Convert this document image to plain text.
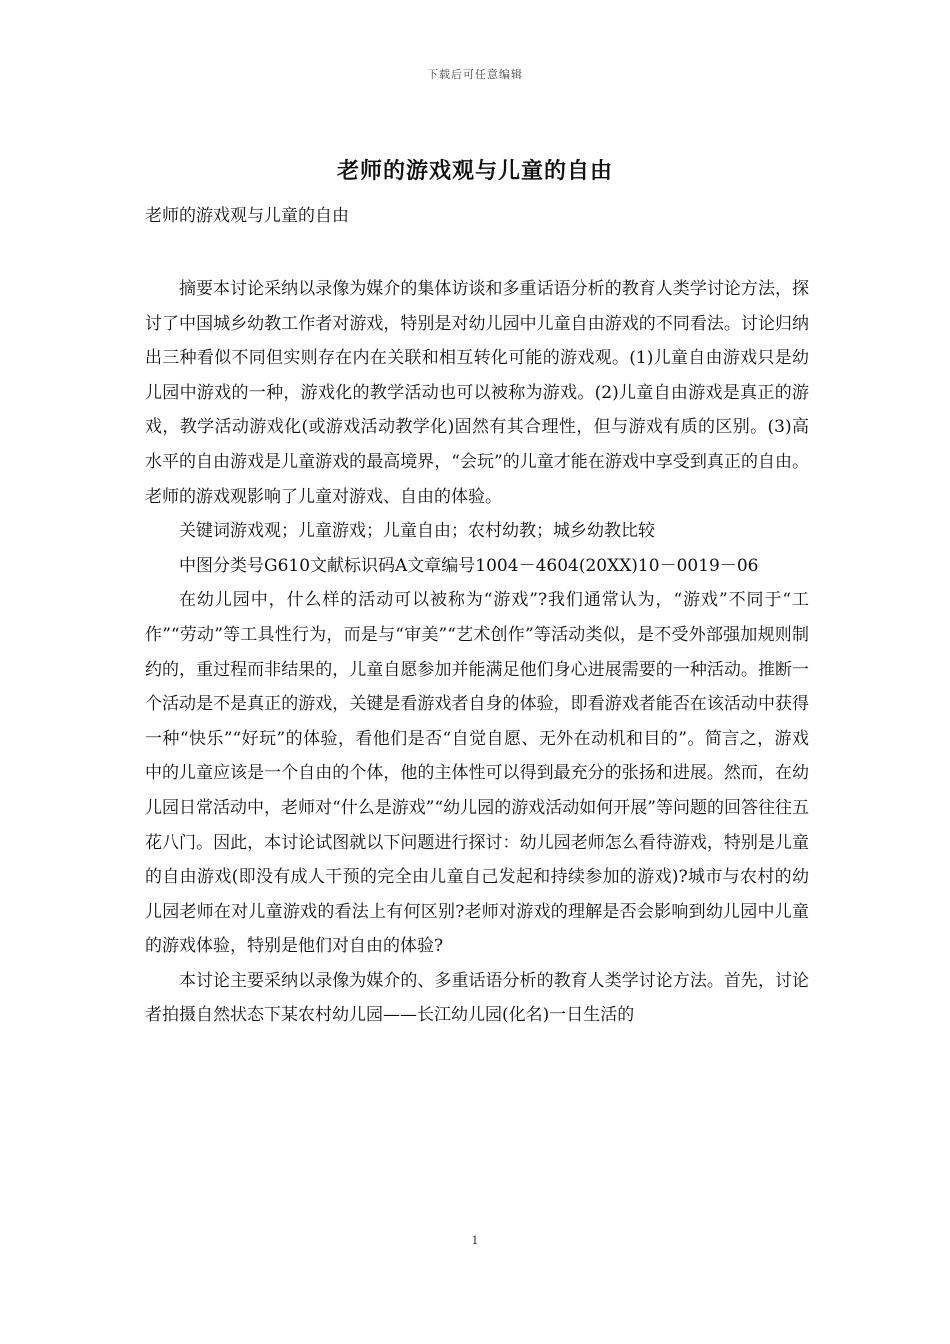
下载后可任意编辑
老师的游戏观与儿童的自由
老师的游戏观与儿童的自由

摘要本讨论采纳以录像为媒介的集体访谈和多重话语分析的教育人类学讨论方法，探讨了中国城乡幼教工作者对游戏，特别是对幼儿园中儿童自由游戏的不同看法。讨论归纳出三种看似不同但实则存在内在关联和相互转化可能的游戏观。(1)儿童自由游戏只是幼儿园中游戏的一种，游戏化的教学活动也可以被称为游戏。(2)儿童自由游戏是真正的游戏，教学活动游戏化(或游戏活动教学化)固然有其合理性，但与游戏有质的区别。(3)高水平的自由游戏是儿童游戏的最高境界，“会玩”的儿童才能在游戏中享受到真正的自由。老师的游戏观影响了儿童对游戏、自由的体验。

关键词游戏观；儿童游戏；儿童自由；农村幼教；城乡幼教比较

中图分类号G610文献标识码A文章编号1004－4604(20XX)10－0019－06

在幼儿园中，什么样的活动可以被称为“游戏”?我们通常认为，“游戏”不同于“工作”“劳动”等工具性行为，而是与“审美”“艺术创作”等活动类似，是不受外部强加规则制约的，重过程而非结果的，儿童自愿参加并能满足他们身心进展需要的一种活动。推断一个活动是不是真正的游戏，关键是看游戏者自身的体验，即看游戏者能否在该活动中获得一种“快乐”“好玩”的体验，看他们是否“自觉自愿、无外在动机和目的”。简言之，游戏中的儿童应该是一个自由的个体，他的主体性可以得到最充分的张扬和进展。然而，在幼儿园日常活动中，老师对“什么是游戏”“幼儿园的游戏活动如何开展”等问题的回答往往五花八门。因此，本讨论试图就以下问题进行探讨：幼儿园老师怎么看待游戏，特别是儿童的自由游戏(即没有成人干预的完全由儿童自己发起和持续参加的游戏)?城市与农村的幼儿园老师在对儿童游戏的看法上有何区别?老师对游戏的理解是否会影响到幼儿园中儿童的游戏体验，特别是他们对自由的体验?

本讨论主要采纳以录像为媒介的、多重话语分析的教育人类学讨论方法。首先，讨论者拍摄自然状态下某农村幼儿园——长江幼儿园(化名)一日生活的

1
